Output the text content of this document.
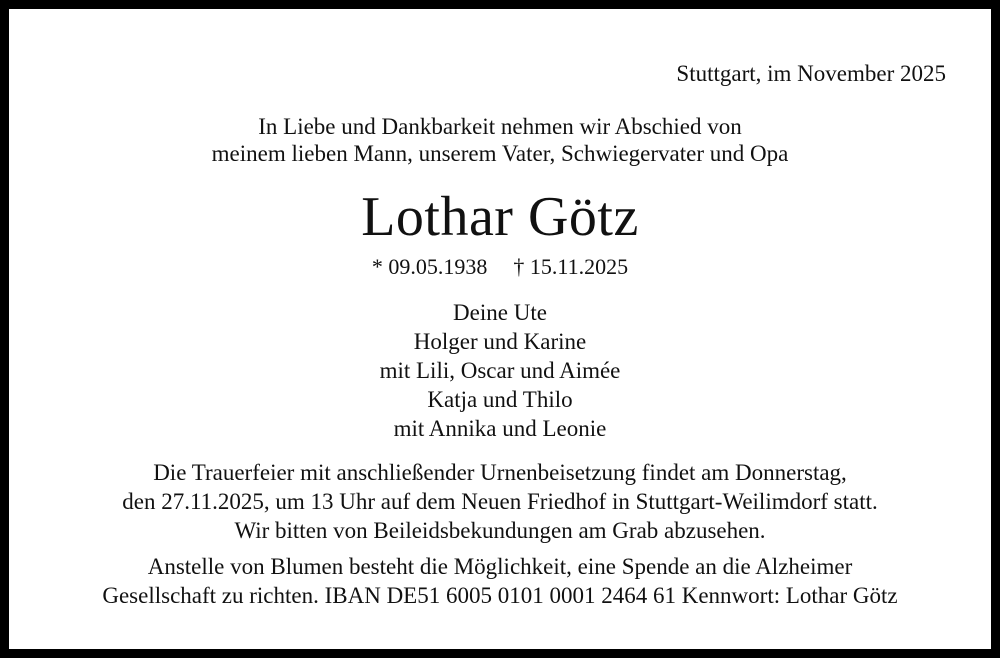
Stuttgart, im November 2025
In Liebe und Dankbarkeit nehmen wir Abschied von
meinem lieben Mann, unserem Vater, Schwiegervater und Opa
Lothar Götz
* 09.05.1938 † 15.11.2025
Deine Ute
Holger und Karine
mit Lili, Oscar und Aimée
Katja und Thilo
mit Annika und Leonie
Die Trauerfeier mit anschließender Urnenbeisetzung findet am Donnerstag,
den 27.11.2025, um 13 Uhr auf dem Neuen Friedhof in Stuttgart-Weilimdorf statt.
Wir bitten von Beileidsbekundungen am Grab abzusehen.
Anstelle von Blumen besteht die Möglichkeit, eine Spende an die Alzheimer
Gesellschaft zu richten. IBAN DE51 6005 0101 0001 2464 61 Kennwort: Lothar Götz
